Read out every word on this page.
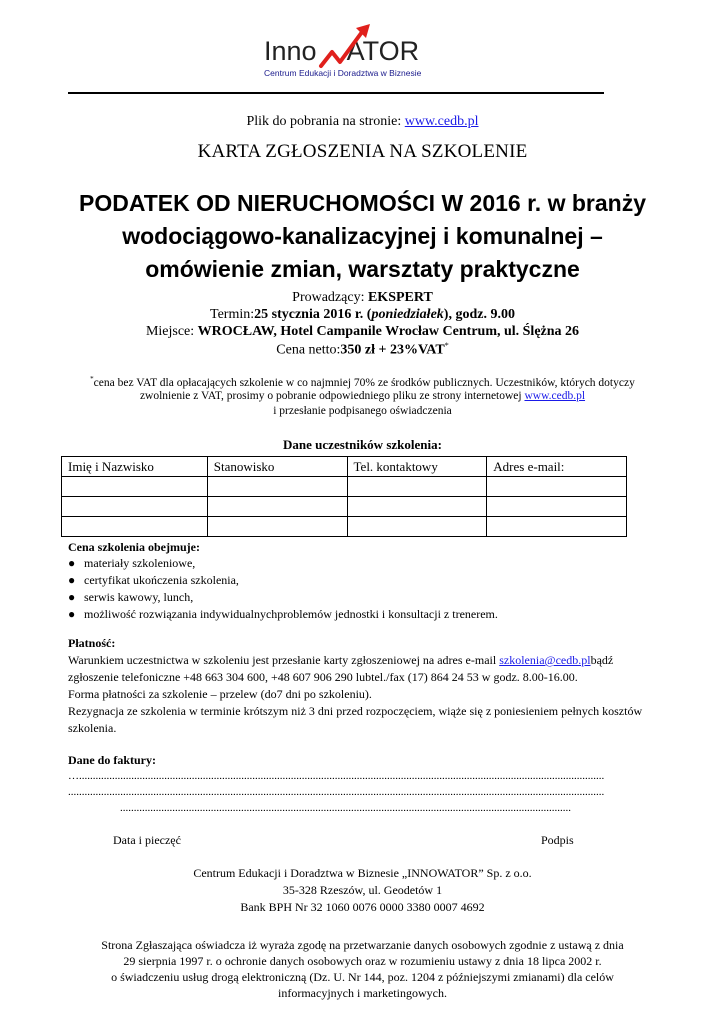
Inno ATOR
Centrum Edukacji i Doradztwa w Biznesie
Plik do pobrania na stronie: www.cedb.pl
KARTA ZGŁOSZENIA NA SZKOLENIE
PODATEK OD NIERUCHOMOŚCI W 2016 r. w branży
wodociągowo-kanalizacyjnej i komunalnej –
omówienie zmian, warsztaty praktyczne
Prowadzący: EKSPERT
Termin:25 stycznia 2016 r. (poniedziałek), godz. 9.00
Miejsce: WROCŁAW, Hotel Campanile Wrocław Centrum, ul. Ślężna 26
Cena netto:350 zł + 23%VAT*
*cena bez VAT dla opłacających szkolenie w co najmniej 70% ze środków publicznych. Uczestników, których dotyczy
zwolnienie z VAT, prosimy o pobranie odpowiedniego pliku ze strony internetowej www.cedb.pl
i przesłanie podpisanego oświadczenia
Dane uczestników szkolenia:
Imię i Nazwisko	Stanowisko	Tel. kontaktowy	Adres e-mail:

Cena szkolenia obejmuje:
● materiały szkoleniowe,
● certyfikat ukończenia szkolenia,
● serwis kawowy, lunch,
● możliwość rozwiązania indywidualnychproblemów jednostki i konsultacji z trenerem.
Płatność:
Warunkiem uczestnictwa w szkoleniu jest przesłanie karty zgłoszeniowej na adres e-mail szkolenia@cedb.plbądź
zgłoszenie telefoniczne +48 663 304 600, +48 607 906 290 lubtel./fax (17) 864 24 53 w godz. 8.00-16.00.
Forma płatności za szkolenie – przelew (do7 dni po szkoleniu).
Rezygnacja ze szkolenia w terminie krótszym niż 3 dni przed rozpoczęciem, wiąże się z poniesieniem pełnych kosztów
szkolenia.
Dane do faktury:
…...............................................................................................................................................................................................
...................................................................................................................................................................................................
....................................................................................................................................................................
Data i pieczęć	Podpis
Centrum Edukacji i Doradztwa w Biznesie „INNOWATOR” Sp. z o.o.
35-328 Rzeszów, ul. Geodetów 1
Bank BPH Nr 32 1060 0076 0000 3380 0007 4692
Strona Zgłaszająca oświadcza iż wyraża zgodę na przetwarzanie danych osobowych zgodnie z ustawą z dnia
29 sierpnia 1997 r. o ochronie danych osobowych oraz w rozumieniu ustawy z dnia 18 lipca 2002 r.
o świadczeniu usług drogą elektroniczną (Dz. U. Nr 144, poz. 1204 z późniejszymi zmianami) dla celów
informacyjnych i marketingowych.
